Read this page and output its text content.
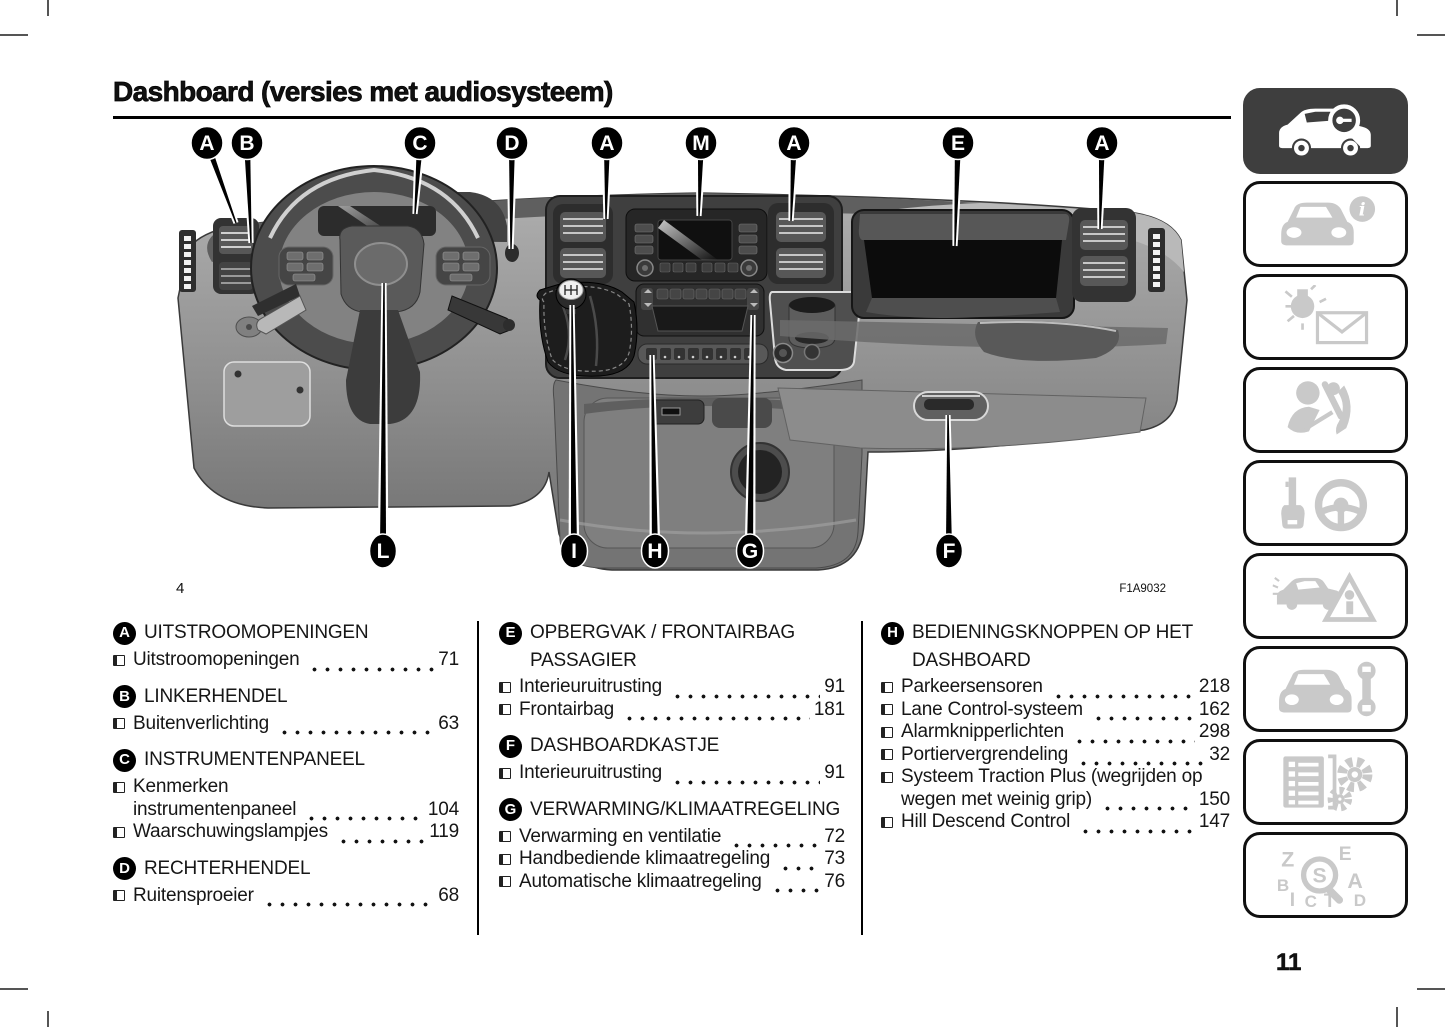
A B	C	D	A	M	A	E	A
L	I	H	G	F
Dashboard (versies met audiosysteem)
4	F1A9032
A UITSTROOMOPENINGEN
Uitstroomopeningen	71
B LINKERHENDEL
Buitenverlichting	63
C INSTRUMENTENPANEEL
Kenmerken
instrumentenpaneel	104
Waarschuwingslampjes	119
D RECHTERHENDEL
Ruitensproeier	68
E OPBERGVAK / FRONTAIRBAG
PASSAGIER
Interieuruitrusting	91
Frontairbag	181
F DASHBOARDKASTJE
Interieuruitrusting	91
G VERWARMING/KLIMAATREGELING
Verwarming en ventilatie	72
Handbediende klimaatregeling	73
Automatische klimaatregeling	76
H BEDIENINGSKNOPPEN OP HET
DASHBOARD
Parkeersensoren	218
Lane Control-systeem	162
Alarmknipperlichten	298
Portiervergrendeling	32
Systeem Traction Plus (wegrijden op
wegen met weinig grip)	150
Hill Descend Control	147
11
